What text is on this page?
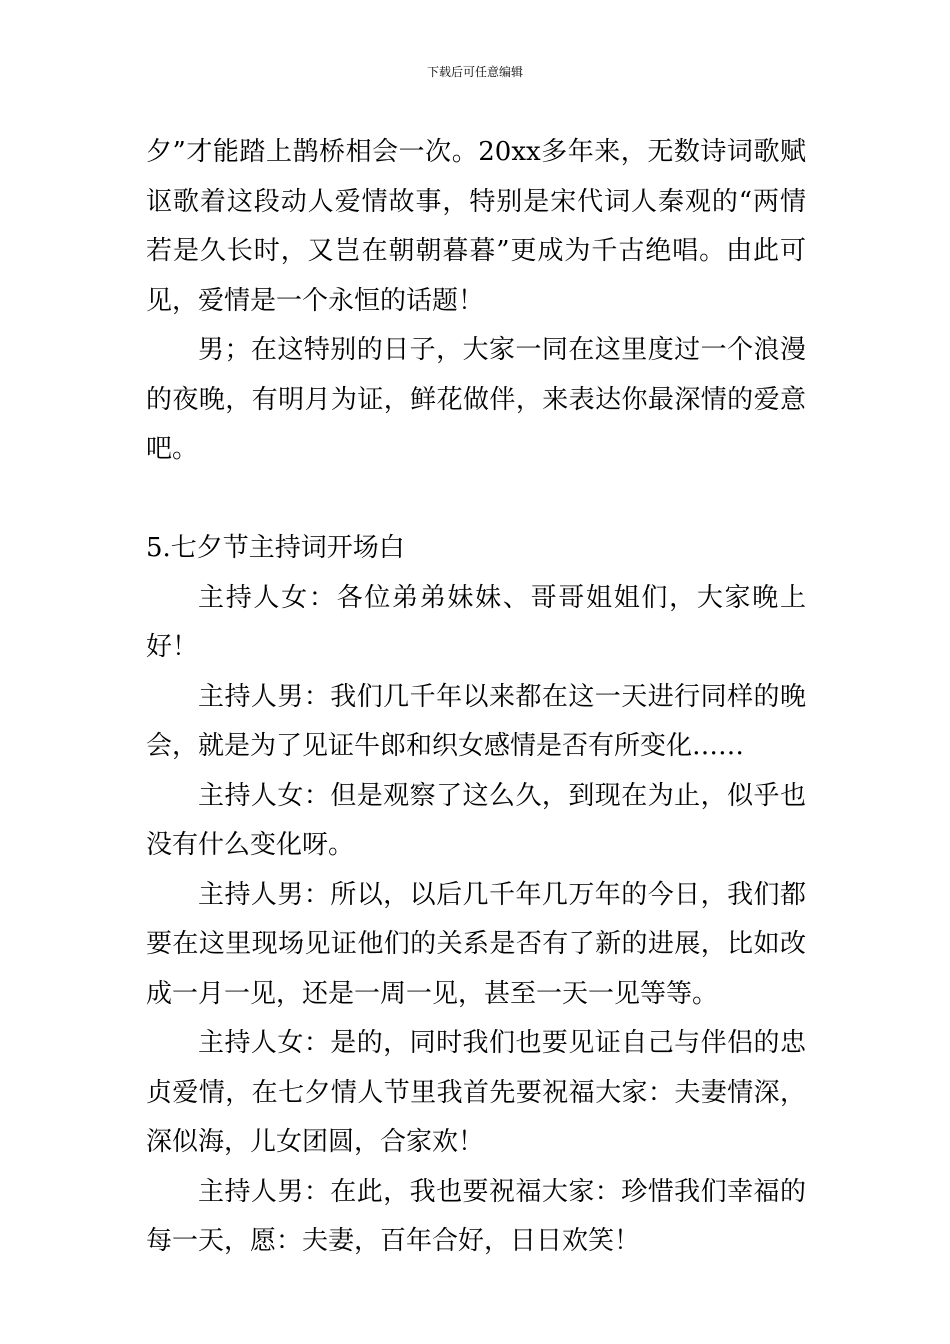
下载后可任意编辑

夕”才能踏上鹊桥相会一次。20xx多年来，无数诗词歌赋讴歌着这段动人爱情故事，特别是宋代词人秦观的“两情若是久长时，又岂在朝朝暮暮”更成为千古绝唱。由此可见，爱情是一个永恒的话题！

男；在这特别的日子，大家一同在这里度过一个浪漫的夜晚，有明月为证，鲜花做伴，来表达你最深情的爱意吧。

5.七夕节主持词开场白

主持人女：各位弟弟妹妹、哥哥姐姐们，大家晚上好！

主持人男：我们几千年以来都在这一天进行同样的晚会，就是为了见证牛郎和织女感情是否有所变化……

主持人女：但是观察了这么久，到现在为止，似乎也没有什么变化呀。

主持人男：所以，以后几千年几万年的今日，我们都要在这里现场见证他们的关系是否有了新的进展，比如改成一月一见，还是一周一见，甚至一天一见等等。

主持人女：是的，同时我们也要见证自己与伴侣的忠贞爱情，在七夕情人节里我首先要祝福大家：夫妻情深，深似海，儿女团圆，合家欢！

主持人男：在此，我也要祝福大家：珍惜我们幸福的每一天，愿：夫妻，百年合好，日日欢笑！
